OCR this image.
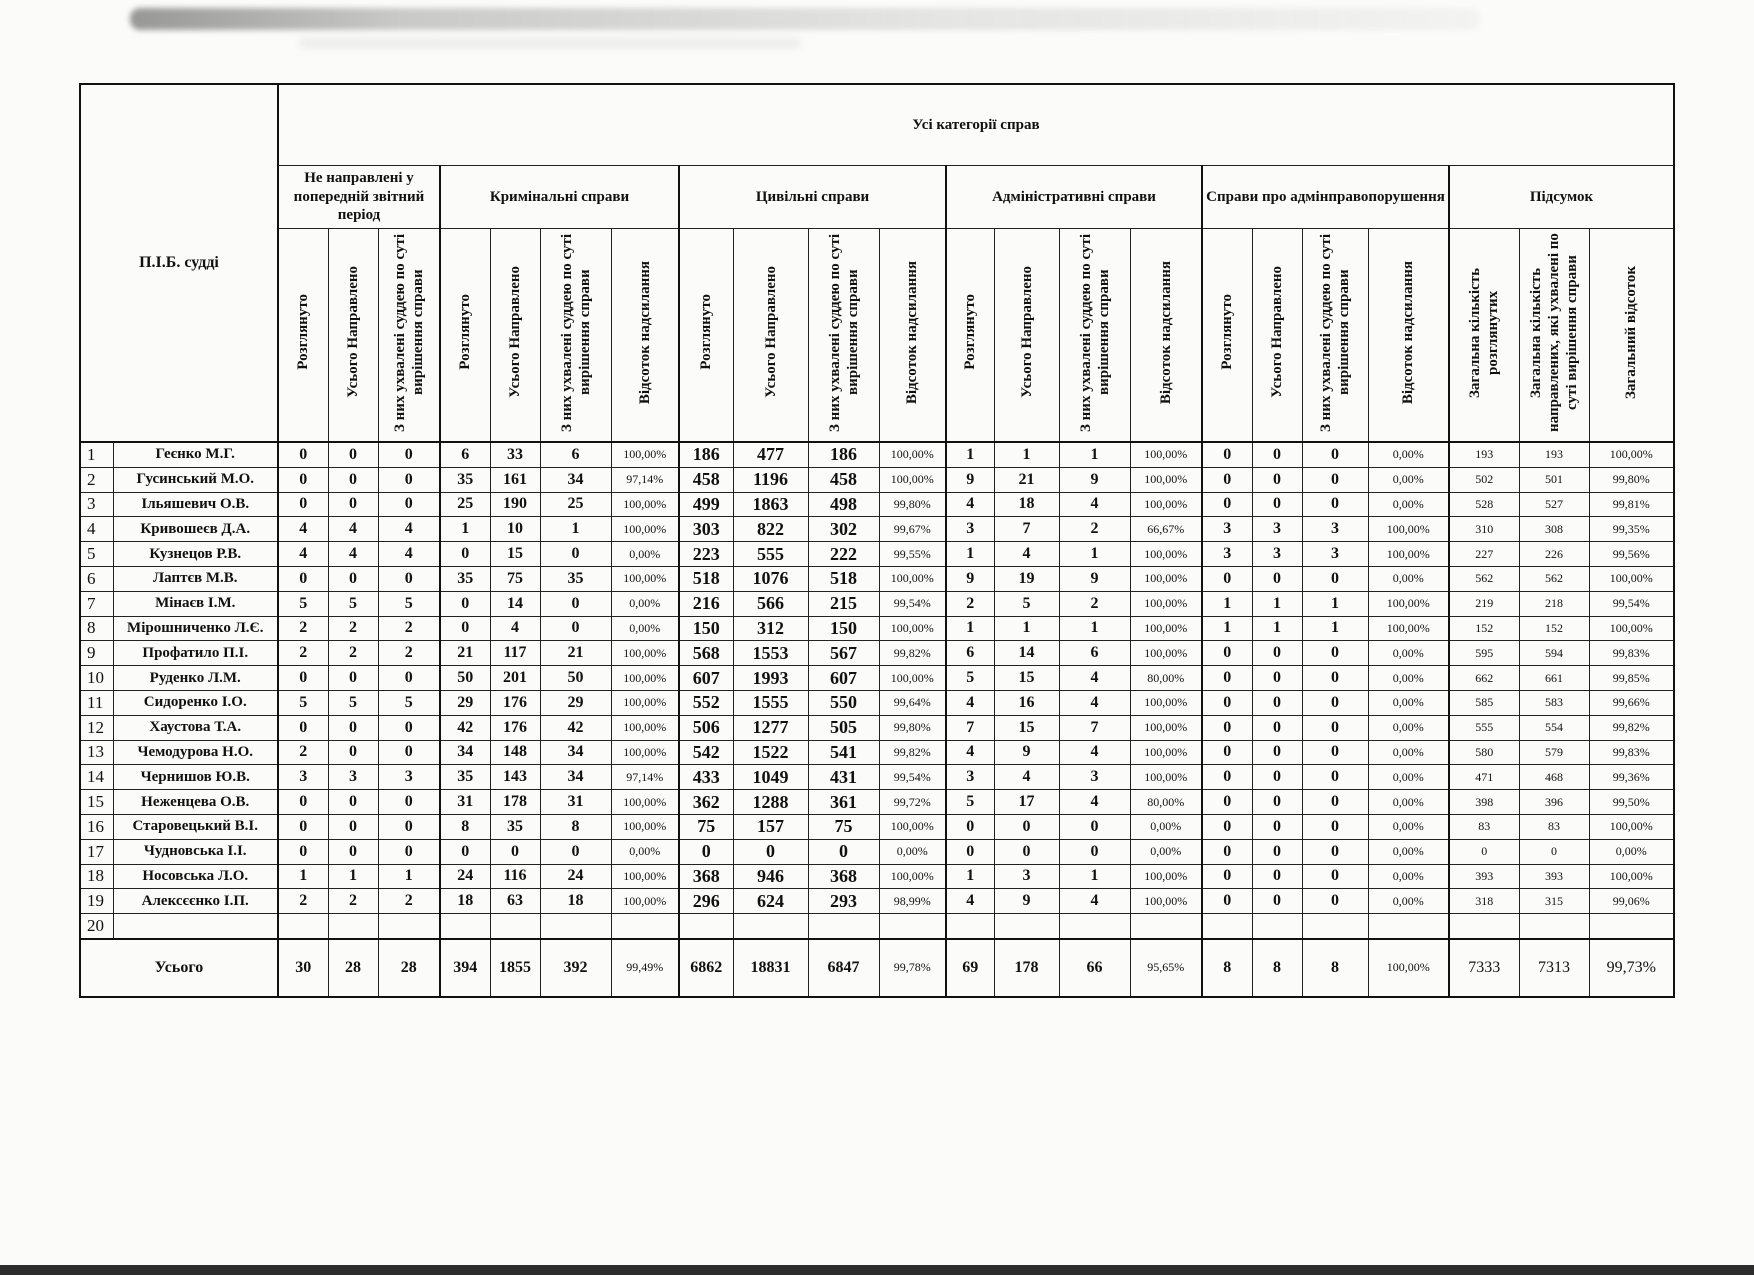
П.І.Б. судді		Усі категорії справ																					
		Не направлені у попередній звітний період			Кримінальні справи				Цивільні справи				Адміністративні справи				Справи про адмінправопорушення				Підсумок		
		Розглянуто	Усього Направлено	З них ухвалені суддею по суті вирішення справи	Розглянуто	Усього Направлено	З них ухвалені суддею по суті вирішення справи	Відсоток надсилання	Розглянуто	Усього Направлено	З них ухвалені суддею по суті вирішення справи	Відсоток надсилання	Розглянуто	Усього Направлено	З них ухвалені суддею по суті вирішення справи	Відсоток надсилання	Розглянуто	Усього Направлено	З них ухвалені суддею по суті вирішення справи	Відсоток надсилання	Загальна кількість розглянутих	Загальна кількість направлених, які ухвалені по суті вирішення справи	Загальний відсоток
1	Геєнко М.Г.	0	0	0	6	33	6	100,00%	186	477	186	100,00%	1	1	1	100,00%	0	0	0	0,00%	193	193	100,00%
2	Гусинський М.О.	0	0	0	35	161	34	97,14%	458	1196	458	100,00%	9	21	9	100,00%	0	0	0	0,00%	502	501	99,80%
3	Ільяшевич О.В.	0	0	0	25	190	25	100,00%	499	1863	498	99,80%	4	18	4	100,00%	0	0	0	0,00%	528	527	99,81%
4	Кривошеєв Д.А.	4	4	4	1	10	1	100,00%	303	822	302	99,67%	3	7	2	66,67%	3	3	3	100,00%	310	308	99,35%
5	Кузнецов Р.В.	4	4	4	0	15	0	0,00%	223	555	222	99,55%	1	4	1	100,00%	3	3	3	100,00%	227	226	99,56%
6	Лаптєв М.В.	0	0	0	35	75	35	100,00%	518	1076	518	100,00%	9	19	9	100,00%	0	0	0	0,00%	562	562	100,00%
7	Мінаєв І.М.	5	5	5	0	14	0	0,00%	216	566	215	99,54%	2	5	2	100,00%	1	1	1	100,00%	219	218	99,54%
8	Мірошниченко Л.Є.	2	2	2	0	4	0	0,00%	150	312	150	100,00%	1	1	1	100,00%	1	1	1	100,00%	152	152	100,00%
9	Профатило П.І.	2	2	2	21	117	21	100,00%	568	1553	567	99,82%	6	14	6	100,00%	0	0	0	0,00%	595	594	99,83%
10	Руденко Л.М.	0	0	0	50	201	50	100,00%	607	1993	607	100,00%	5	15	4	80,00%	0	0	0	0,00%	662	661	99,85%
11	Сидоренко І.О.	5	5	5	29	176	29	100,00%	552	1555	550	99,64%	4	16	4	100,00%	0	0	0	0,00%	585	583	99,66%
12	Хаустова Т.А.	0	0	0	42	176	42	100,00%	506	1277	505	99,80%	7	15	7	100,00%	0	0	0	0,00%	555	554	99,82%
13	Чемодурова Н.О.	2	0	0	34	148	34	100,00%	542	1522	541	99,82%	4	9	4	100,00%	0	0	0	0,00%	580	579	99,83%
14	Чернишов Ю.В.	3	3	3	35	143	34	97,14%	433	1049	431	99,54%	3	4	3	100,00%	0	0	0	0,00%	471	468	99,36%
15	Неженцева О.В.	0	0	0	31	178	31	100,00%	362	1288	361	99,72%	5	17	4	80,00%	0	0	0	0,00%	398	396	99,50%
16	Старовецький В.І.	0	0	0	8	35	8	100,00%	75	157	75	100,00%	0	0	0	0,00%	0	0	0	0,00%	83	83	100,00%
17	Чудновська І.І.	0	0	0	0	0	0	0,00%	0	0	0	0,00%	0	0	0	0,00%	0	0	0	0,00%	0	0	0,00%
18	Носовська Л.О.	1	1	1	24	116	24	100,00%	368	946	368	100,00%	1	3	1	100,00%	0	0	0	0,00%	393	393	100,00%
19	Алексєєнко І.П.	2	2	2	18	63	18	100,00%	296	624	293	98,99%	4	9	4	100,00%	0	0	0	0,00%	318	315	99,06%
20																							
Усього		30	28	28	394	1855	392	99,49%	6862	18831	6847	99,78%	69	178	66	95,65%	8	8	8	100,00%	7333	7313	99,73%
